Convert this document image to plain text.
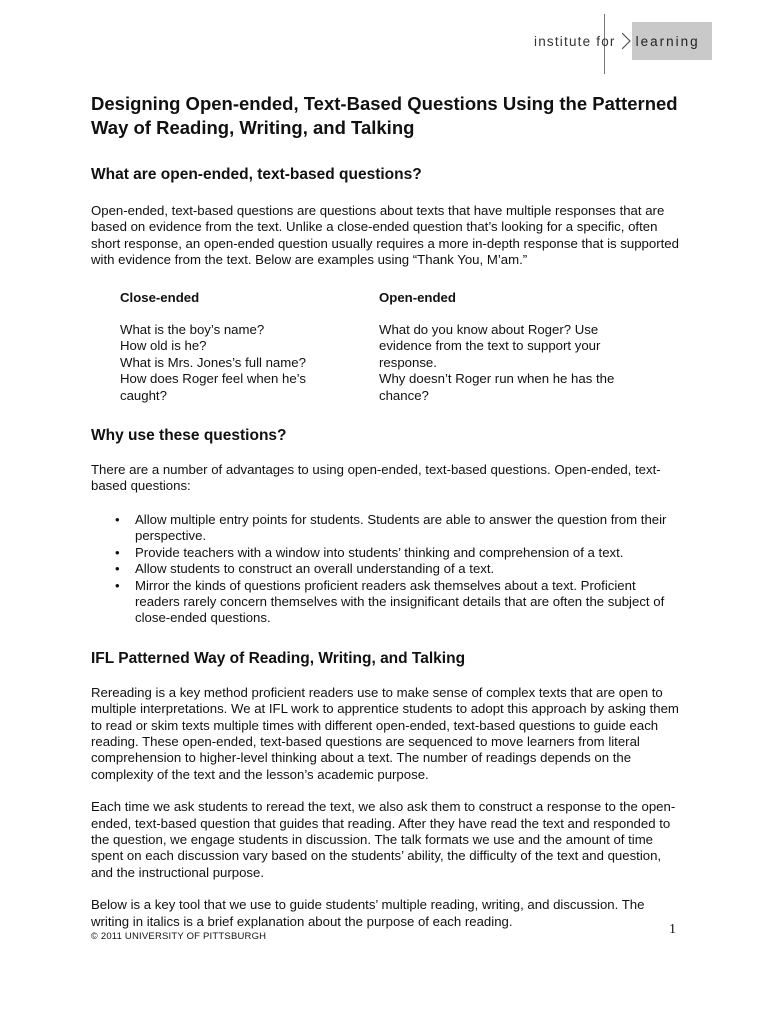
institute for	learning
Designing Open-ended, Text-Based Questions Using the Patterned Way of Reading, Writing, and Talking
What are open-ended, text-based questions?

Open-ended, text-based questions are questions about texts that have multiple responses that are based on evidence from the text. Unlike a close-ended question that’s looking for a specific, often short response, an open-ended question usually requires a more in-depth response that is supported with evidence from the text. Below are examples using “Thank You, M’am.”

Close-ended
What is the boy’s name?
How old is he?
What is Mrs. Jones’s full name?
How does Roger feel when he’s caught?
Open-ended
What do you know about Roger? Use evidence from the text to support your response.
Why doesn’t Roger run when he has the chance?
Why use these questions?

There are a number of advantages to using open-ended, text-based questions. Open-ended, text-based questions:

• Allow multiple entry points for students. Students are able to answer the question from their perspective.
• Provide teachers with a window into students’ thinking and comprehension of a text.
• Allow students to construct an overall understanding of a text.
• Mirror the kinds of questions proficient readers ask themselves about a text. Proficient readers rarely concern themselves with the insignificant details that are often the subject of close-ended questions.
IFL Patterned Way of Reading, Writing, and Talking

Rereading is a key method proficient readers use to make sense of complex texts that are open to multiple interpretations. We at IFL work to apprentice students to adopt this approach by asking them to read or skim texts multiple times with different open-ended, text-based questions to guide each reading. These open-ended, text-based questions are sequenced to move learners from literal comprehension to higher-level thinking about a text. The number of readings depends on the complexity of the text and the lesson’s academic purpose.

Each time we ask students to reread the text, we also ask them to construct a response to the open-ended, text-based question that guides that reading. After they have read the text and responded to the question, we engage students in discussion. The talk formats we use and the amount of time spent on each discussion vary based on the students’ ability, the difficulty of the text and question, and the instructional purpose.

Below is a key tool that we use to guide students’ multiple reading, writing, and discussion. The writing in italics is a brief explanation about the purpose of each reading.

© 2011 UNIVERSITY OF PITTSBURGH	1
